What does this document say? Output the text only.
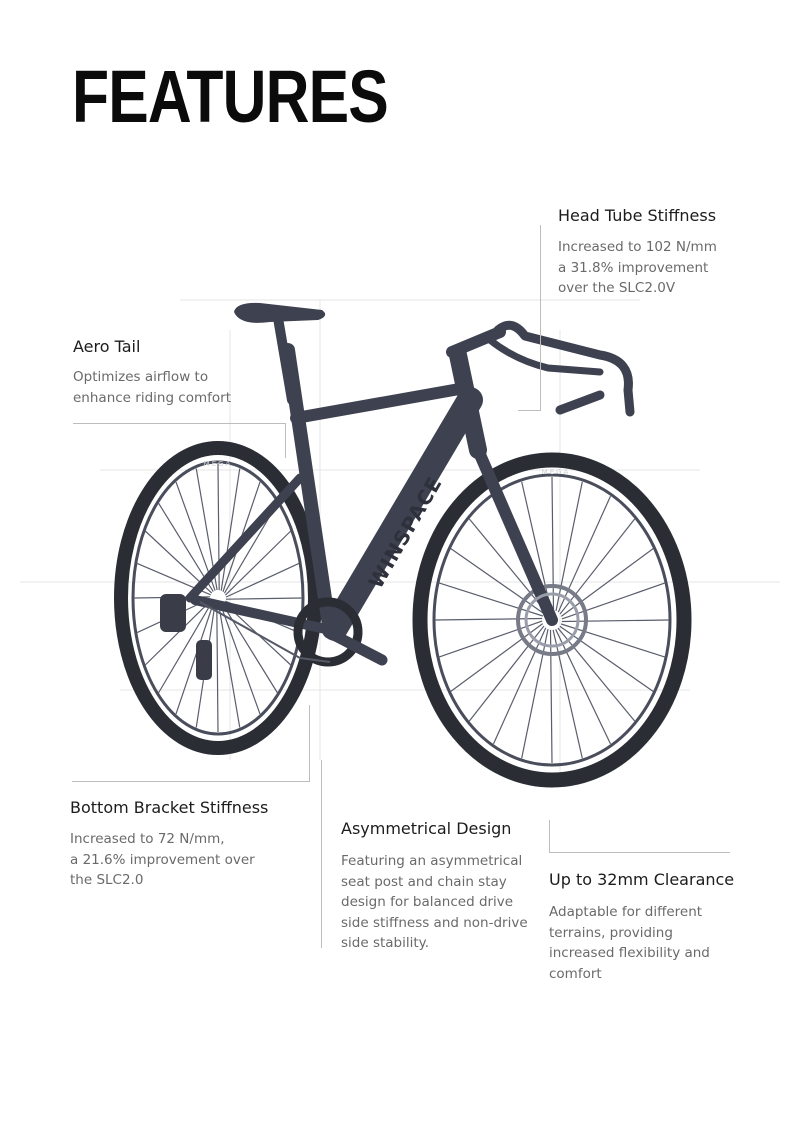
FEATURES
MEGA
MEGA
WINSPACE
Head Tube Stiffness

Increased to 102 N/mm
a 31.8% improvement
over the SLC2.0V

Aero Tail

Optimizes airflow to
enhance riding comfort

Bottom Bracket Stiffness

Increased to 72 N/mm,
a 21.6% improvement over
the SLC2.0

Asymmetrical Design

Featuring an asymmetrical
seat post and chain stay
design for balanced drive
side stiffness and non-drive
side stability.

Up to 32mm Clearance

Adaptable for different
terrains, providing
increased flexibility and
comfort
